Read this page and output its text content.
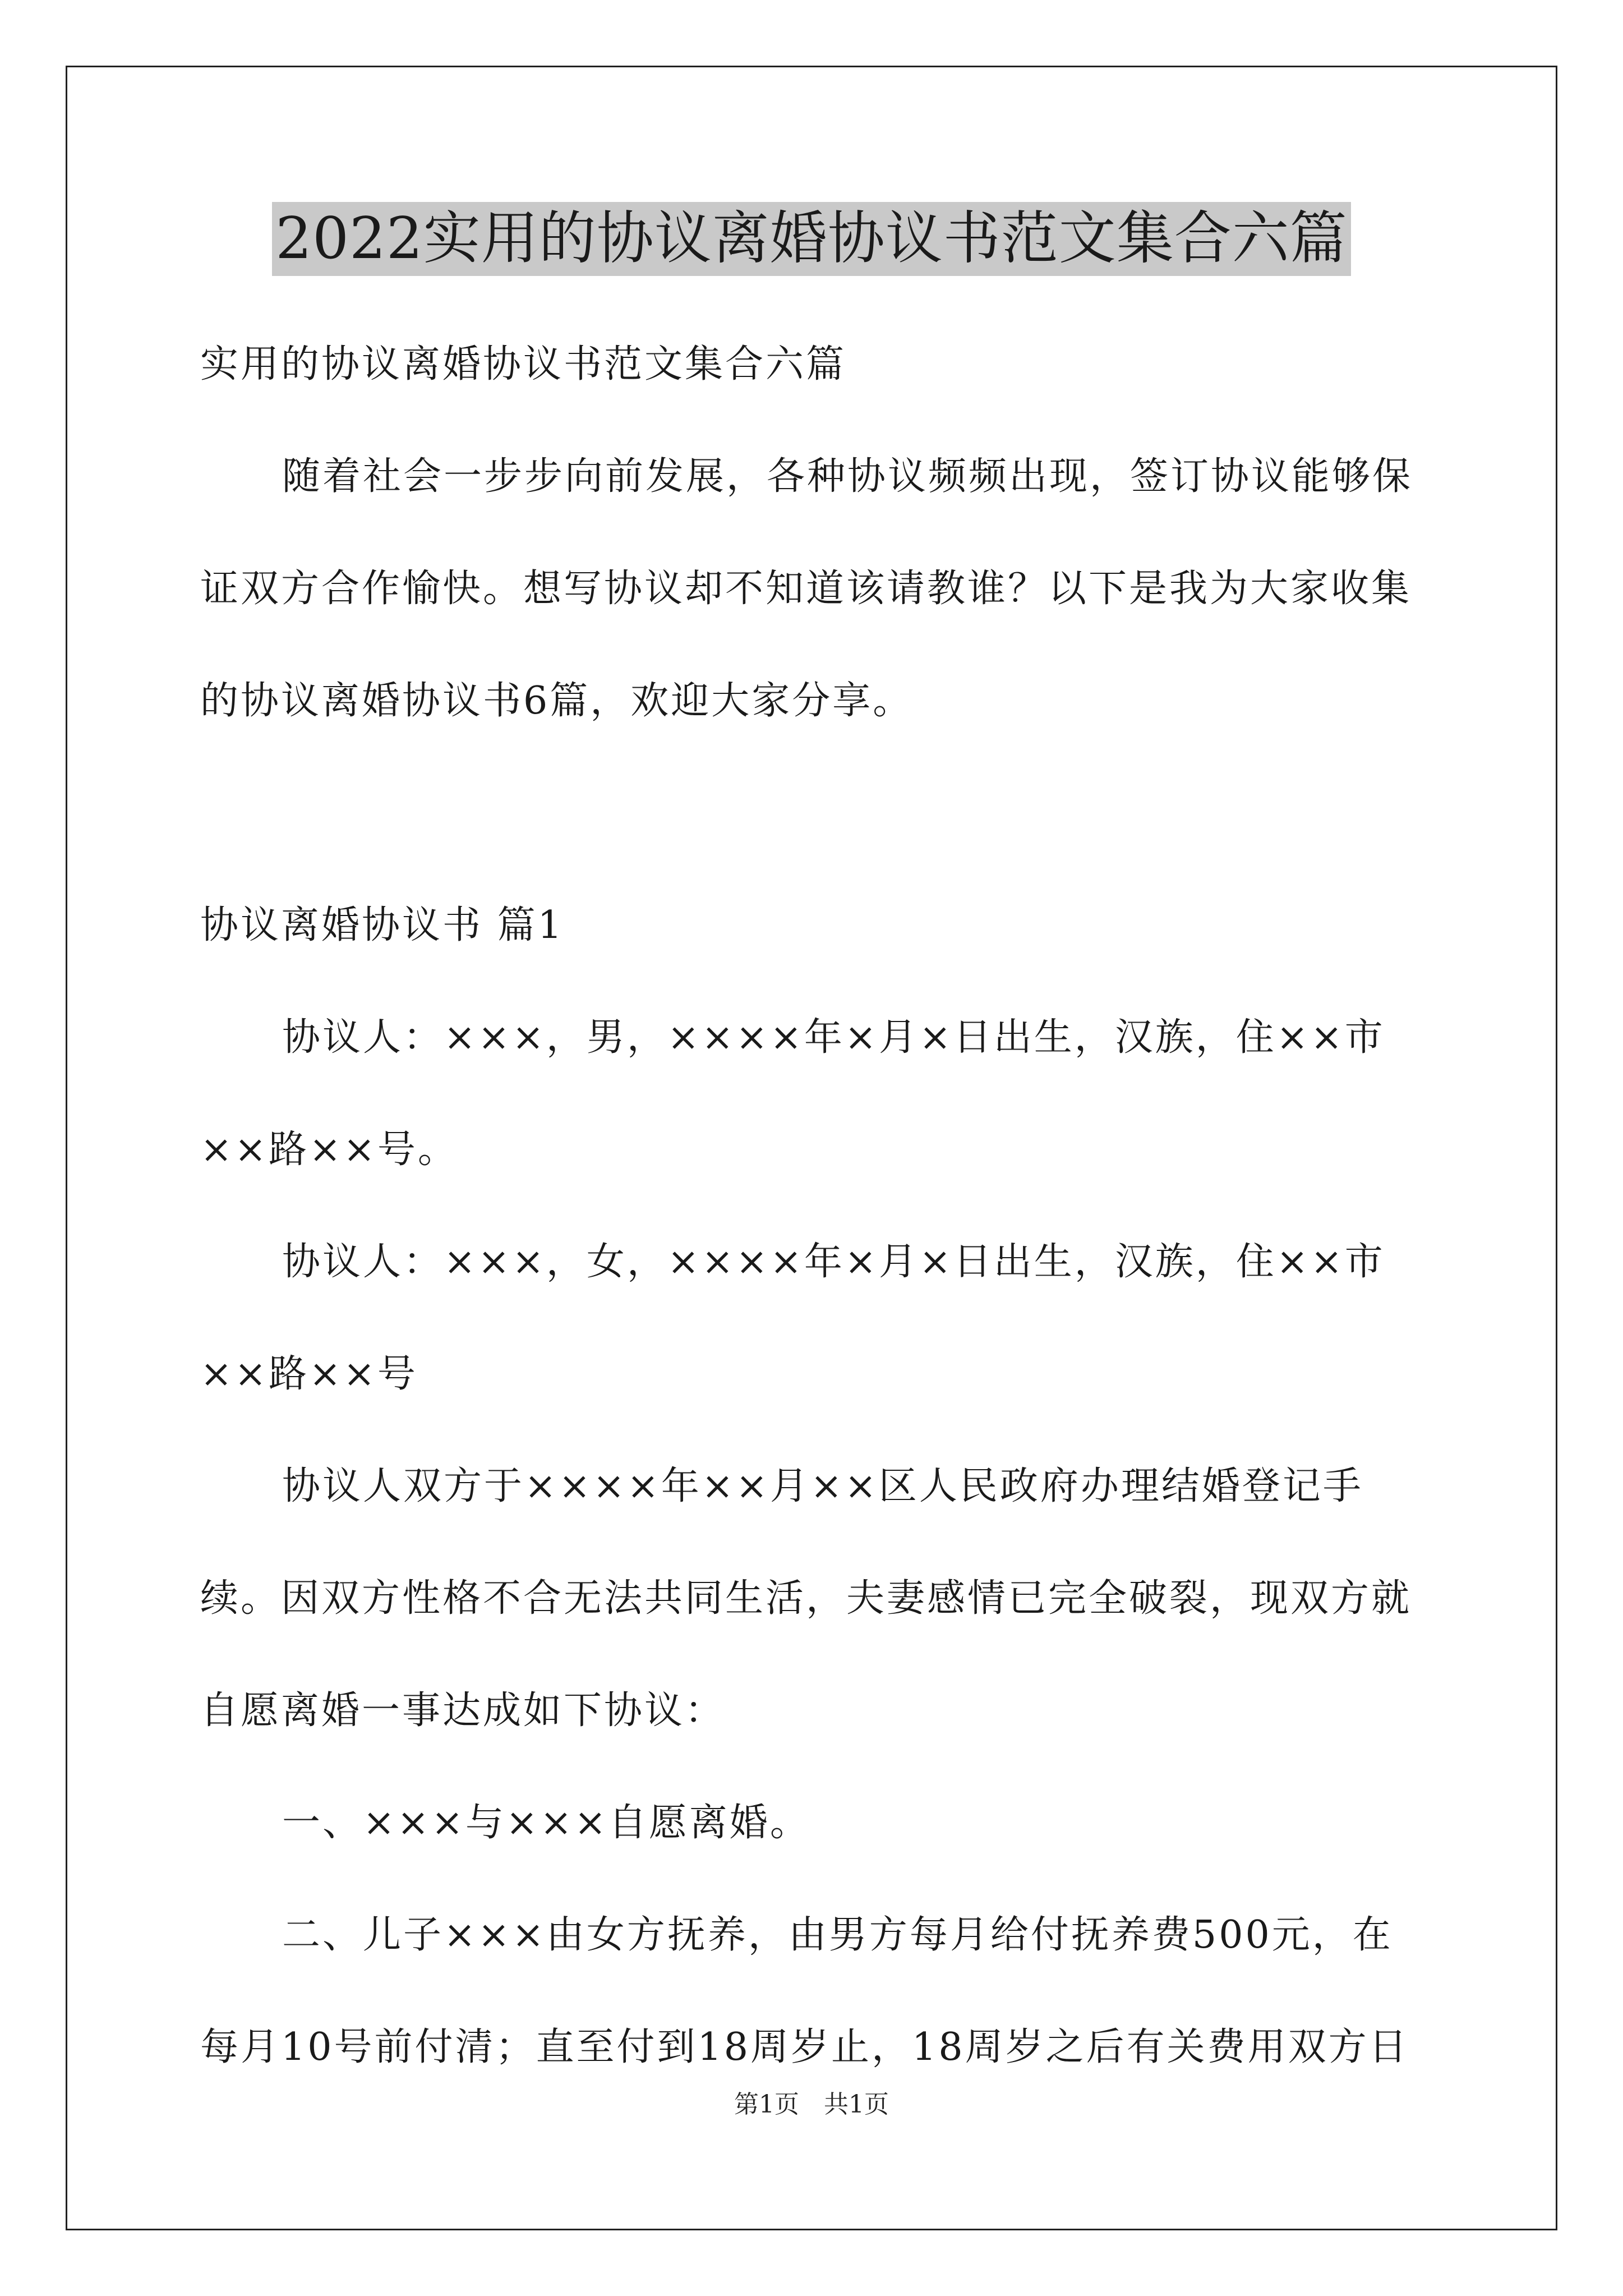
2022实用的协议离婚协议书范文集合六篇

实用的协议离婚协议书范文集合六篇

随着社会一步步向前发展，各种协议频频出现，签订协议能够保证双方合作愉快。想写协议却不知道该请教谁？以下是我为大家收集的协议离婚协议书6篇，欢迎大家分享。

协议离婚协议书 篇1

协议人：×××，男，××××年×月×日出生，汉族，住××市××路××号。

协议人：×××，女，××××年×月×日出生，汉族，住××市××路××号

协议人双方于××××年××月××区人民政府办理结婚登记手续。因双方性格不合无法共同生活，夫妻感情已完全破裂，现双方就自愿离婚一事达成如下协议：

一、×××与×××自愿离婚。

二、儿子×××由女方抚养，由男方每月给付抚养费500元，在每月10号前付清；直至付到18周岁止，18周岁之后有关费用双方日

第1页 共1页
